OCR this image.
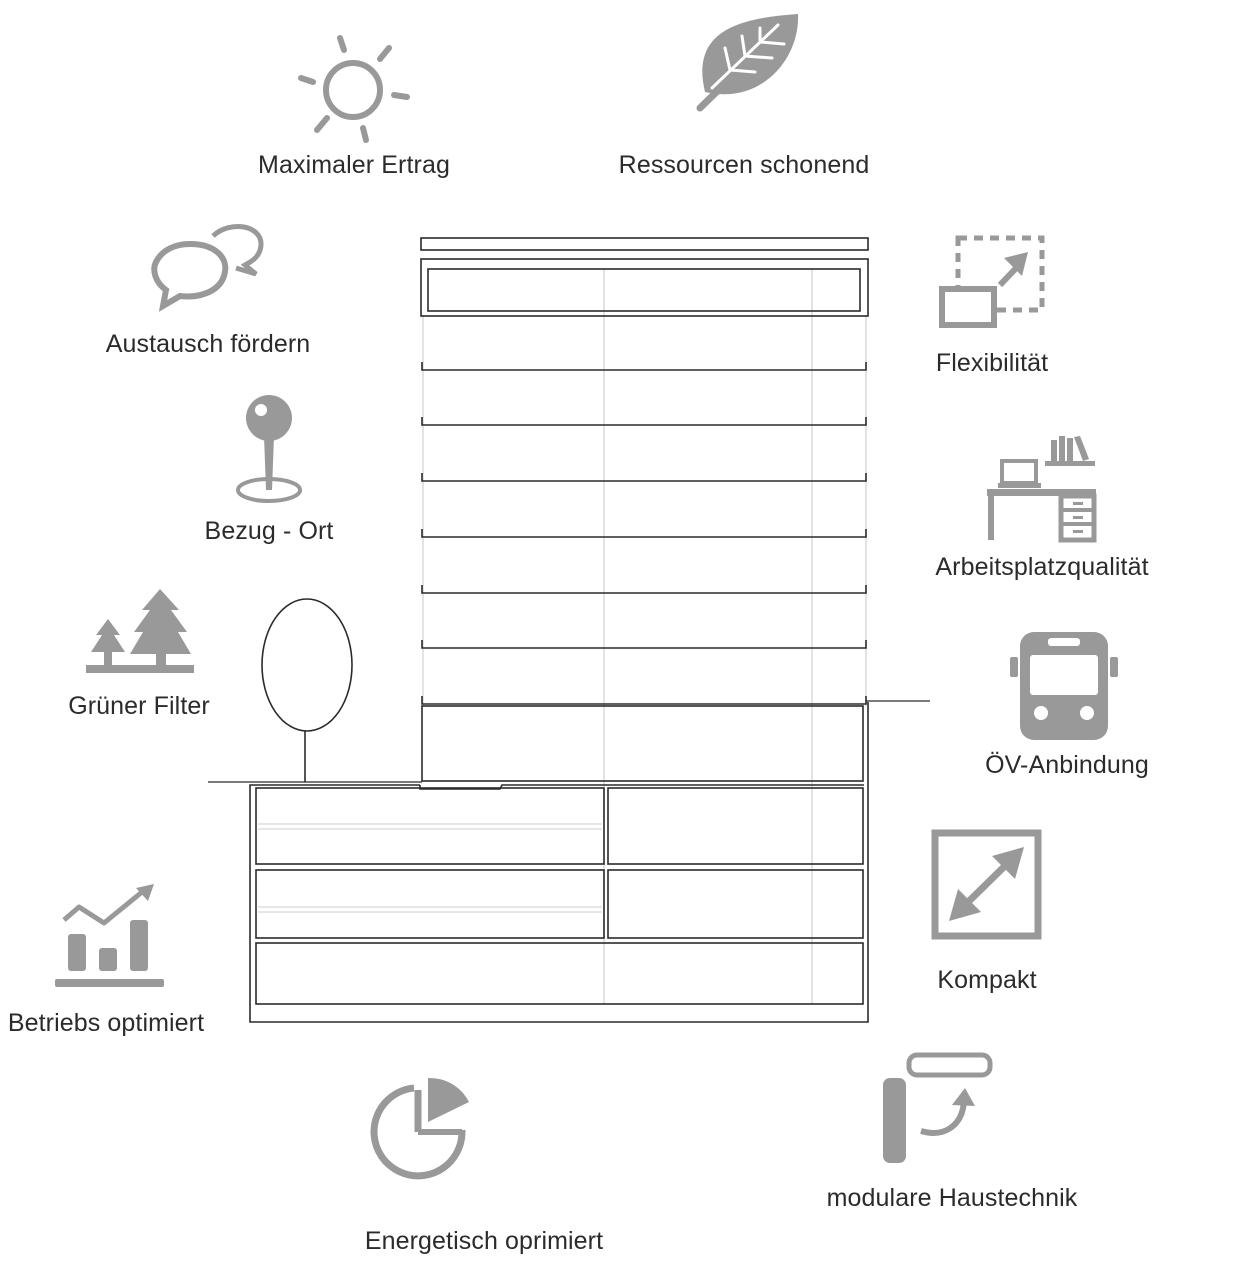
Maximaler Ertrag	Ressourcen schonend
Austausch fördern
Flexibilität
Bezug - Ort
Arbeitsplatzqualität
Grüner Filter
ÖV-Anbindung
Kompakt
Betriebs optimiert
Energetisch oprimiert
modulare Haustechnik
